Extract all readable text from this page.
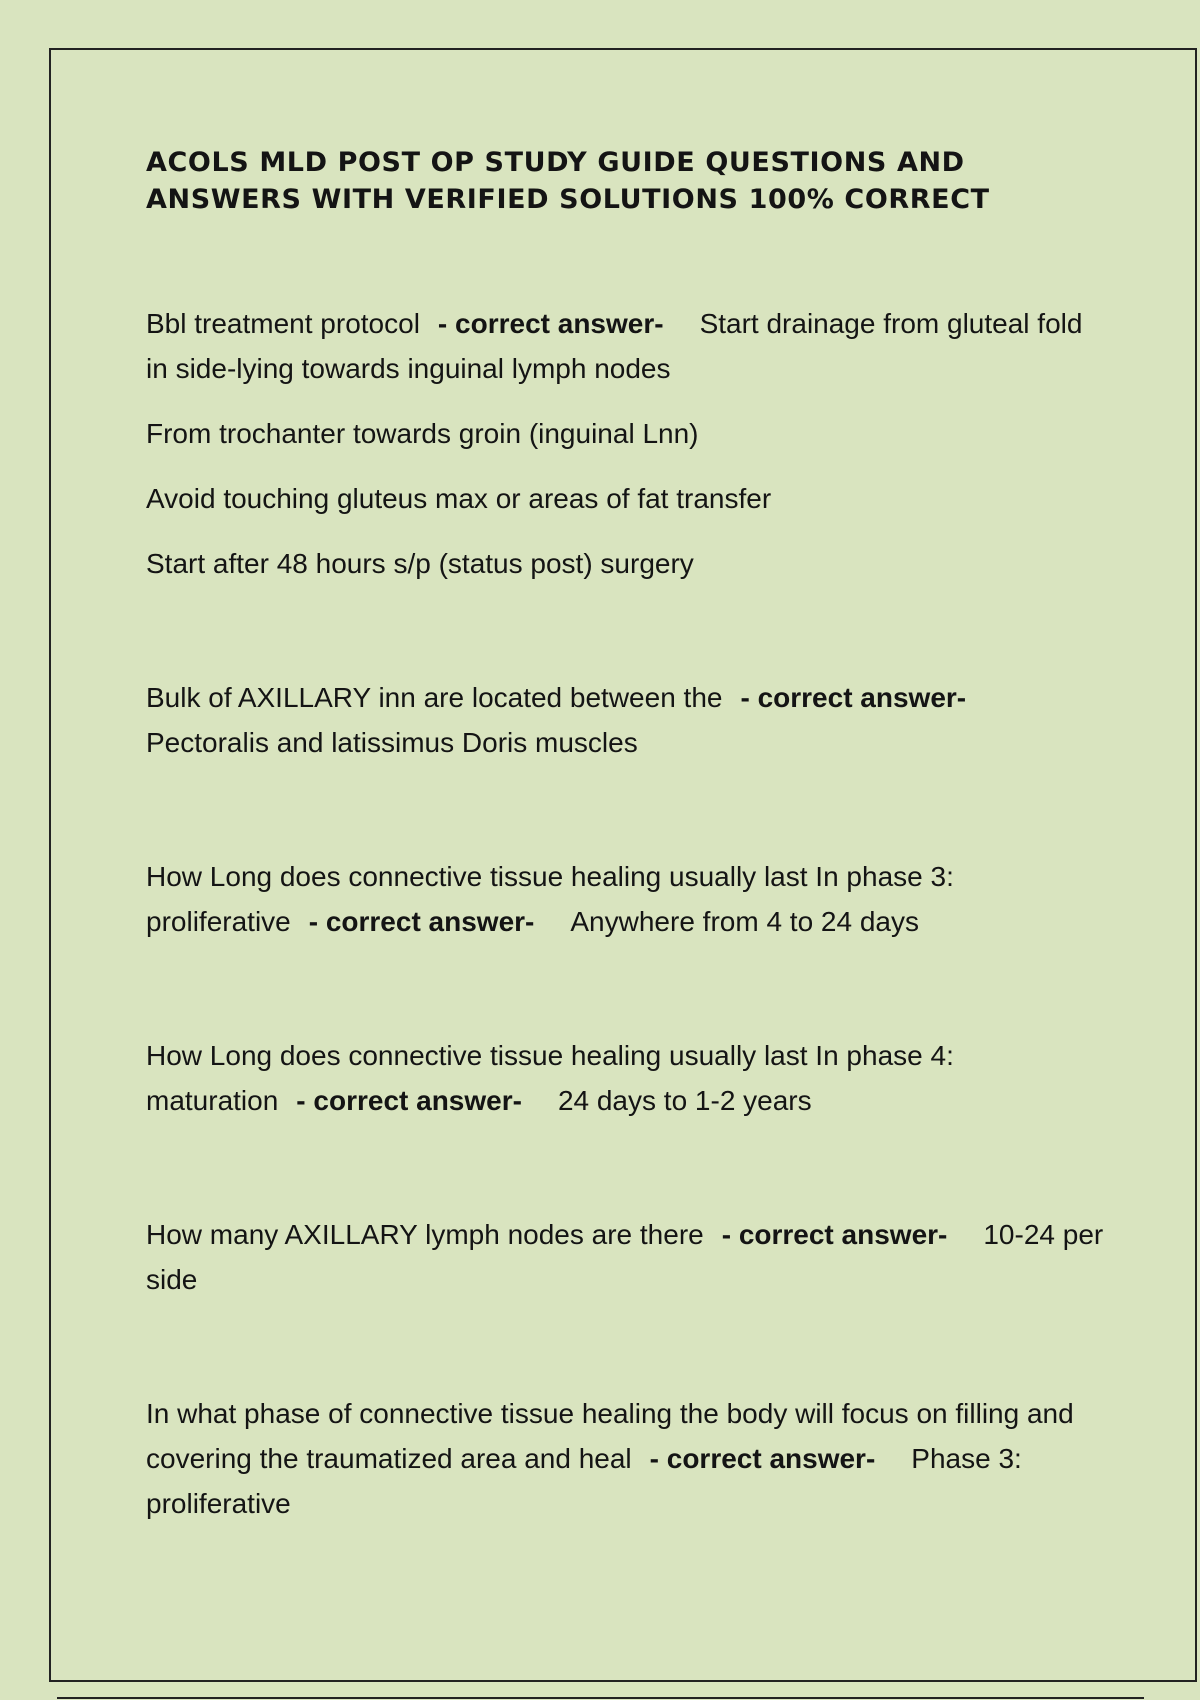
ACOLS MLD POST OP STUDY GUIDE QUESTIONS AND
ANSWERS WITH VERIFIED SOLUTIONS 100% CORRECT
Bbl treatment protocol - correct answer- Start drainage from gluteal fold in side-lying towards inguinal lymph nodes
From trochanter towards groin (inguinal Lnn)
Avoid touching gluteus max or areas of fat transfer
Start after 48 hours s/p (status post) surgery
Bulk of AXILLARY inn are located between the - correct answer-Pectoralis and latissimus Doris muscles
How Long does connective tissue healing usually last In phase 3: proliferative - correct answer- Anywhere from 4 to 24 days
How Long does connective tissue healing usually last In phase 4: maturation - correct answer- 24 days to 1-2 years
How many AXILLARY lymph nodes are there - correct answer- 10-24 per side
In what phase of connective tissue healing the body will focus on filling and covering the traumatized area and heal - correct answer- Phase 3: proliferative
